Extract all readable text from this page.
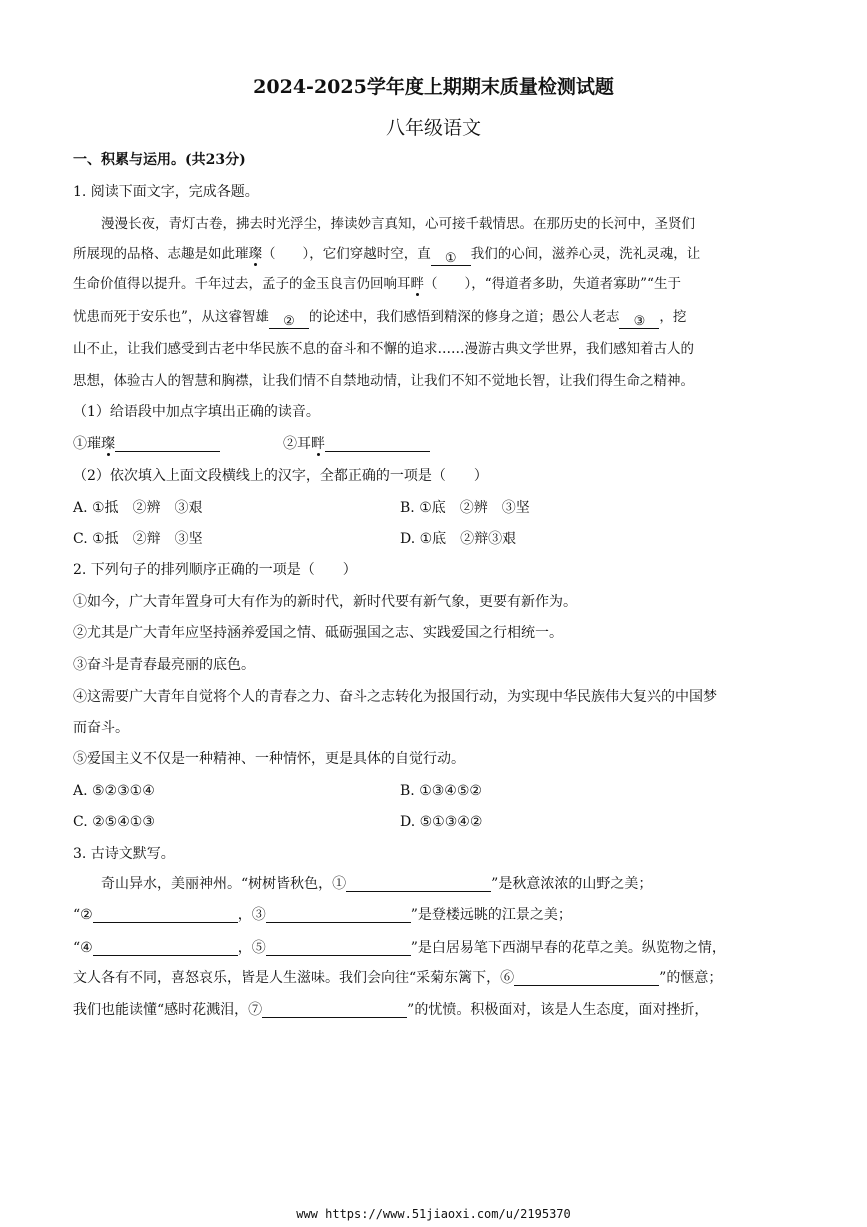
2024-2025学年度上期期末质量检测试题
八年级语文
一、积累与运用。(共23分)
1. 阅读下面文字，完成各题。
漫漫长夜，青灯古卷，拂去时光浮尘，捧读妙言真知，心可接千载情思。在那历史的长河中，圣贤们
所展现的品格、志趣是如此璀璨（　　），它们穿越时空，直 ① 我们的心间，滋养心灵，洗礼灵魂，让
生命价值得以提升。千年过去，孟子的金玉良言仍回响耳畔（　　），“得道者多助，失道者寡助”“生于
忧患而死于安乐也”，从这睿智雄 ② 的论述中，我们感悟到精深的修身之道；愚公人老志 ③ ，挖
山不止，让我们感受到古老中华民族不息的奋斗和不懈的追求……漫游古典文学世界，我们感知着古人的
思想，体验古人的智慧和胸襟，让我们情不自禁地动情，让我们不知不觉地长智，让我们得生命之精神。
（1）给语段中加点字填出正确的读音。
①璀璨	②耳畔
（2）依次填入上面文段横线上的汉字，全都正确的一项是（　　）
A. ①抵　②辨　③艰	B. ①底　②辨　③坚
C. ①抵　②辩　③坚	D. ①底　②辩③艰
2. 下列句子的排列顺序正确的一项是（　　）
①如今，广大青年置身可大有作为的新时代，新时代要有新气象，更要有新作为。
②尤其是广大青年应坚持涵养爱国之情、砥砺强国之志、实践爱国之行相统一。
③奋斗是青春最亮丽的底色。
④这需要广大青年自觉将个人的青春之力、奋斗之志转化为报国行动，为实现中华民族伟大复兴的中国梦
而奋斗。
⑤爱国主义不仅是一种精神、一种情怀，更是具体的自觉行动。
A. ⑤②③①④	B. ①③④⑤②
C. ②⑤④①③	D. ⑤①③④②
3. 古诗文默写。
奇山异水，美丽神州。“树树皆秋色，①	”是秋意浓浓的山野之美；
“②	，③	”是登楼远眺的江景之美；
“④	，⑤	”是白居易笔下西湖早春的花草之美。纵览物之情，
文人各有不同，喜怒哀乐，皆是人生滋味。我们会向往“采菊东篱下，⑥	”的惬意；
我们也能读懂“感时花溅泪，⑦	”的忧愤。积极面对，该是人生态度，面对挫折，
www https://www.51jiaoxi.com/u/2195370
